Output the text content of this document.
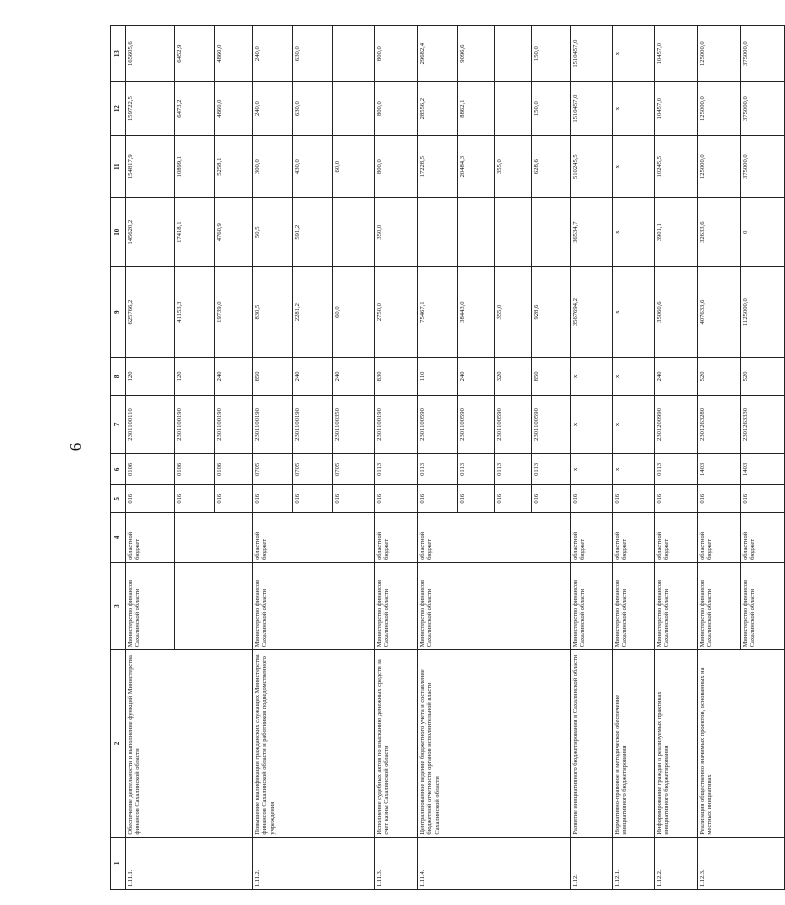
6
1	2	3	4	5	6	7	8	9	10	11	12	13
1.11.1.	Обеспечение деятельности и выполнение функций Министерства финансов Сахалинской области	Министерство финансов Сахалинской области	областной бюджет	016	0106	2301100110	120	625766,2	145620,2	154817,9	159722,5	165605,6
				016	0106	2301100190	120	41153,3	17418,1	10899,1	6473,2	6452,9
				016	0106	2301100190	240	19739,0	4760,9	5258,1	4860,0	4860,0
1.11.2.	Повышение квалификации гражданских служащих Министерства финансов Сахалинской области и работников подведомственного учреждения	Министерство финансов Сахалинской области	областной бюджет	016	0705	2301100190	850	830,5	50,5	300,0	240,0	240,0
				016	0705	2301100190	240	2281,2	591,2	430,0	630,0	630,0
				016	0705	2301100350	240	60,0		60,0		
1.11.3.	Исполнение судебных актов по взысканию денежных средств за счет казны Сахалинской области	Министерство финансов Сахалинской области	областной бюджет	016	0113	2301100190	830	2750,0	350,0	800,0	800,0	800,0
1.11.4.	Централизованное ведение бюджетного учета и составление бюджетной отчетности органов исполнительной власти Сахалинской области	Министерство финансов Сахалинской области	областной бюджет	016	0113	2301100590	110	75467,1		17228,5	28556,2	29682,4
				016	0113	2301100590	240	38443,0		20484,3	8862,1	9096,6
				016	0113	2301100590	320	355,0		355,0		
				016	0113	2301100590	850	928,6		628,6	150,0	150,0
1.12.	Развитие инициативного бюджетирования в Сахалинской области	Министерство финансов Сахалинской области	областной бюджет	016	х	х	х	3567694,2	36534,7	510245,5	1510457,0	1510457,0
1.12.1.	Нормативно-правовое и методическое обеспечение инициативного бюджетирования	Министерство финансов Сахалинской области	областной бюджет	016	х	х	х	х	х	х	х	х
1.12.2.	Информирование граждан о реализуемых практиках инициативного бюджетирования	Министерство финансов Сахалинской области	областной бюджет	016	0113	2301200990	240	35060,6	3901,1	10245,5	10457,0	10457,0
1.12.3.	Реализация общественно значимых проектов, основанных на местных инициативах	Министерство финансов Сахалинской области	областной бюджет	016	1403	2301263280	520	407633,6	32633,6	125000,0	125000,0	125000,0
		Министерство финансов Сахалинской области	областной бюджет	016	1403	2301263330	520	1125000,0	0	375000,0	375000,0	375000,0
